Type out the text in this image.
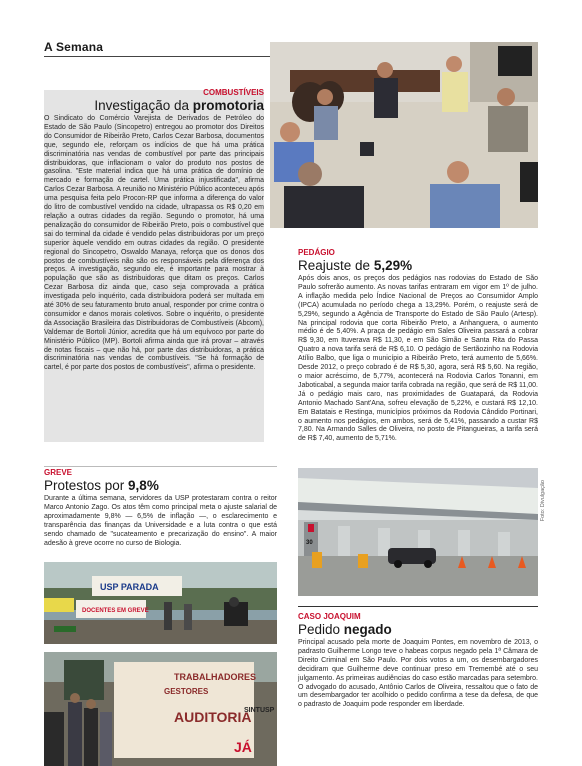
A Semana
COMBUSTÍVEIS
Investigação da promotoria
O Sindicato do Comércio Varejista de Derivados de Petróleo do Estado de São Paulo (Sincopetro) entregou ao promotor dos Direitos do Consumidor de Ribeirão Preto, Carlos Cezar Barbosa, documentos que, segundo ele, reforçam os indícios de que há uma prática discriminatória nas vendas de combustível por parte das principais distribuidoras, que inflacionam o valor do produto nos postos de gasolina. "Este material indica que há uma prática de domínio de mercado e formação de cartel. Uma prática injustificada", afirma Carlos Cezar Barbosa. A reunião no Ministério Público aconteceu após uma pesquisa feita pelo Procon-RP que informa a diferença do valor do litro de combustível vendido na cidade, ultrapassa os R$ 0,20 em relação a outras cidades da região. Segundo o promotor, há uma penalização do consumidor de Ribeirão Preto, pois o combustível que sai do terminal da cidade é vendido pelas distribuidoras por um preço superior àquele vendido em outras cidades da região. O presidente regional do Sincopetro, Oswaldo Manaya, reforça que os donos dos postos de combustíveis não são os responsáveis pela diferença dos preços. A investigação, segundo ele, é importante para mostrar à população que são as distribuidoras que ditam os preços. Carlos Cezar Barbosa diz ainda que, caso seja comprovada a prática investigada pelo inquérito, cada distribuidora poderá ser multada em até 30% de seu faturamento bruto anual, responder por crime contra o consumidor e danos morais coletivos. Sobre o inquérito, o presidente da Associação Brasileira das Distribuidoras de Combustíveis (Abcom), Valdemar de Bortoli Júnior, acredita que há um equívoco por parte do Ministério Público (MP). Bortoli afirma ainda que irá provar – através de notas fiscais – que não há, por parte das distribuidoras, a prática discriminatória nas vendas de combustíveis. "Se há formação de cartel, é por parte dos postos de combustíveis", afirma o presidente.
GREVE
Protestos por 9,8%
Durante a última semana, servidores da USP protestaram contra o reitor Marco Antonio Zago. Os atos têm como principal meta o ajuste salarial de aproximadamente 9,8% — 6,5% de inflação —, o esclarecimento e transparência das finanças da Universidade e a luta contra o que está sendo chamado de "sucateamento e precarização do ensino". A maior adesão à greve ocorre no curso de Biologia.
USP PARADA
DOCENTES EM GREVE
TRABALHADORES
GESTORES
AUDITORIA
JÁ
SINTUSP
PEDÁGIO
Reajuste de 5,29%
Após dois anos, os preços dos pedágios nas rodovias do Estado de São Paulo sofrerão aumento. As novas tarifas entraram em vigor em 1º de julho. A inflação medida pelo Índice Nacional de Preços ao Consumidor Amplo (IPCA) acumulada no período chega a 13,29%. Porém, o reajuste será de 5,29%, segundo a Agência de Transporte do Estado de São Paulo (Artesp). Na principal rodovia que corta Ribeirão Preto, a Anhanguera, o aumento médio é de 5,40%. A praça de pedágio em Sales Oliveira passará a cobrar R$ 9,30, em Ituverava R$ 11,30, e em São Simão e Santa Rita do Passa Quatro a nova tarifa será de R$ 6,10. O pedágio de Sertãozinho na Rodovia Atílio Balbo, que liga o município a Ribeirão Preto, terá aumento de 5,66%. Desde 2012, o preço cobrado é de R$ 5,30, agora, será R$ 5,60. Na região, o maior acréscimo, de 5,77%, acontecerá na Rodovia Carlos Tonanni, em Jaboticabal, a segunda maior tarifa cobrada na região, que será de R$ 11,00. Já o pedágio mais caro, nas proximidades de Guatapará, da Rodovia Antonio Machado Sant'Ana, sofreu elevação de 5,22%, e custará R$ 12,10. Em Batatais e Restinga, municípios próximos da Rodovia Cândido Portinari, o aumento nos pedágios, em ambos, será de 5,41%, passando a custar R$ 7,80. Na Armando Salles de Oliveira, no posto de Pitangueiras, a tarifa será de R$ 7,40, aumento de 5,71%.
30
Foto: Divulgação
CASO JOAQUIM
Pedido negado
Principal acusado pela morte de Joaquim Pontes, em novembro de 2013, o padrasto Guilherme Longo teve o habeas corpus negado pela 1ª Câmara de Direito Criminal em São Paulo. Por dois votos a um, os desembargadores decidiram que Guilherme deve continuar preso em Tremembé até o seu julgamento. As primeiras audiências do caso estão marcadas para setembro. O advogado do acusado, Antônio Carlos de Oliveira, ressaltou que o fato de um desembargador ter acolhido o pedido confirma a tese da defesa, de que o padrasto de Joaquim pode responder em liberdade.
